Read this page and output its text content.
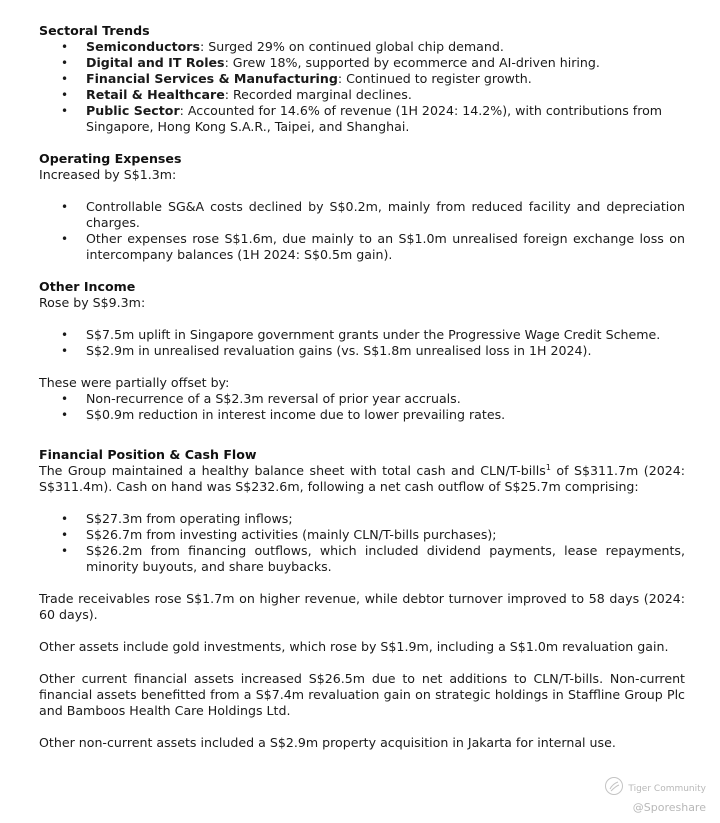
Sectoral Trends
• Semiconductors: Surged 29% on continued global chip demand.
• Digital and IT Roles: Grew 18%, supported by ecommerce and AI-driven hiring.
• Financial Services & Manufacturing: Continued to register growth.
• Retail & Healthcare: Recorded marginal declines.
• Public Sector: Accounted for 14.6% of revenue (1H 2024: 14.2%), with contributions from Singapore, Hong Kong S.A.R., Taipei, and Shanghai.
Operating Expenses

Increased by S$1.3m:

• Controllable SG&A costs declined by S$0.2m, mainly from reduced facility and depreciation charges.
• Other expenses rose S$1.6m, due mainly to an S$1.0m unrealised foreign exchange loss on intercompany balances (1H 2024: S$0.5m gain).
Other Income

Rose by S$9.3m:

• S$7.5m uplift in Singapore government grants under the Progressive Wage Credit Scheme.
• S$2.9m in unrealised revaluation gains (vs. S$1.8m unrealised loss in 1H 2024).

These were partially offset by:

• Non-recurrence of a S$2.3m reversal of prior year accruals.
• S$0.9m reduction in interest income due to lower prevailing rates.
Financial Position & Cash Flow

The Group maintained a healthy balance sheet with total cash and CLN/T-bills$^1$ of S$311.7m (2024: S$311.4m). Cash on hand was S$232.6m, following a net cash outflow of S$25.7m comprising:

• S$27.3m from operating inflows;
• S$26.7m from investing activities (mainly CLN/T-bills purchases);
• S$26.2m from financing outflows, which included dividend payments, lease repayments, minority buyouts, and share buybacks.

Trade receivables rose S$1.7m on higher revenue, while debtor turnover improved to 58 days (2024: 60 days).

Other assets include gold investments, which rose by S$1.9m, including a S$1.0m revaluation gain.

Other current financial assets increased S$26.5m due to net additions to CLN/T-bills. Non-current financial assets benefitted from a S$7.4m revaluation gain on strategic holdings in Staffline Group Plc and Bamboos Health Care Holdings Ltd.

Other non-current assets included a S$2.9m property acquisition in Jakarta for internal use.

Tiger Community
@Sporeshare
